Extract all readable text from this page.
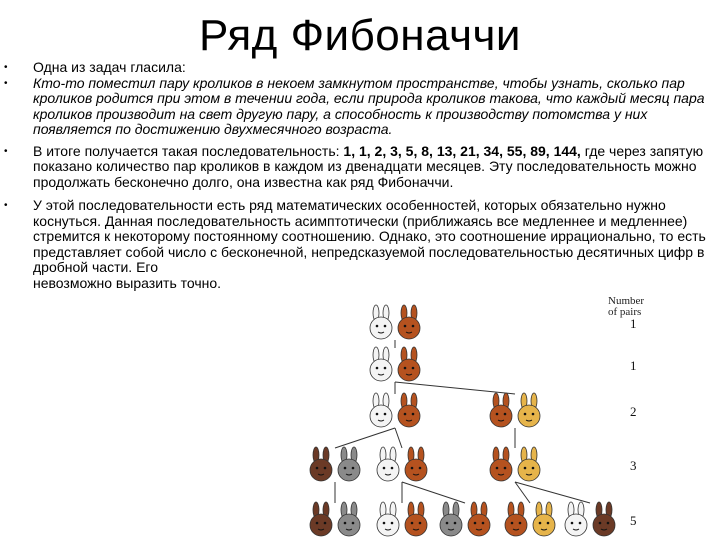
Ряд Фибоначчи
• Одна из задач гласила:

• Кто-то поместил пару кроликов в некоем замкнутом пространстве, чтобы узнать, сколько пар кроликов родится при этом в течении года, если природа кроликов такова, что каждый месяц пара кроликов производит на свет другую пару, а способность к производству потомства у них появляется по достижению двухмесячного возраста.

• В итоге получается такая последовательность: 1, 1, 2, 3, 5, 8, 13, 21, 34, 55, 89, 144, где через запятую показано количество пар кроликов в каждом из двенадцати месяцев. Эту последовательность можно продолжать бесконечно долго, она известна как ряд Фибоначчи.

• У этой последовательности есть ряд математических особенностей, которых обязательно нужно коснуться. Данная последовательность асимптотически (приближаясь все медленнее и медленнее) стремится к некоторому постоянному соотношению. Однако, это соотношение иррационально, то есть представляет собой число с бесконечной, непредсказуемой последовательностью десятичных цифр в дробной части. Его
невозможно выразить точно.

Number
of pairs
1
1
2
3
5
